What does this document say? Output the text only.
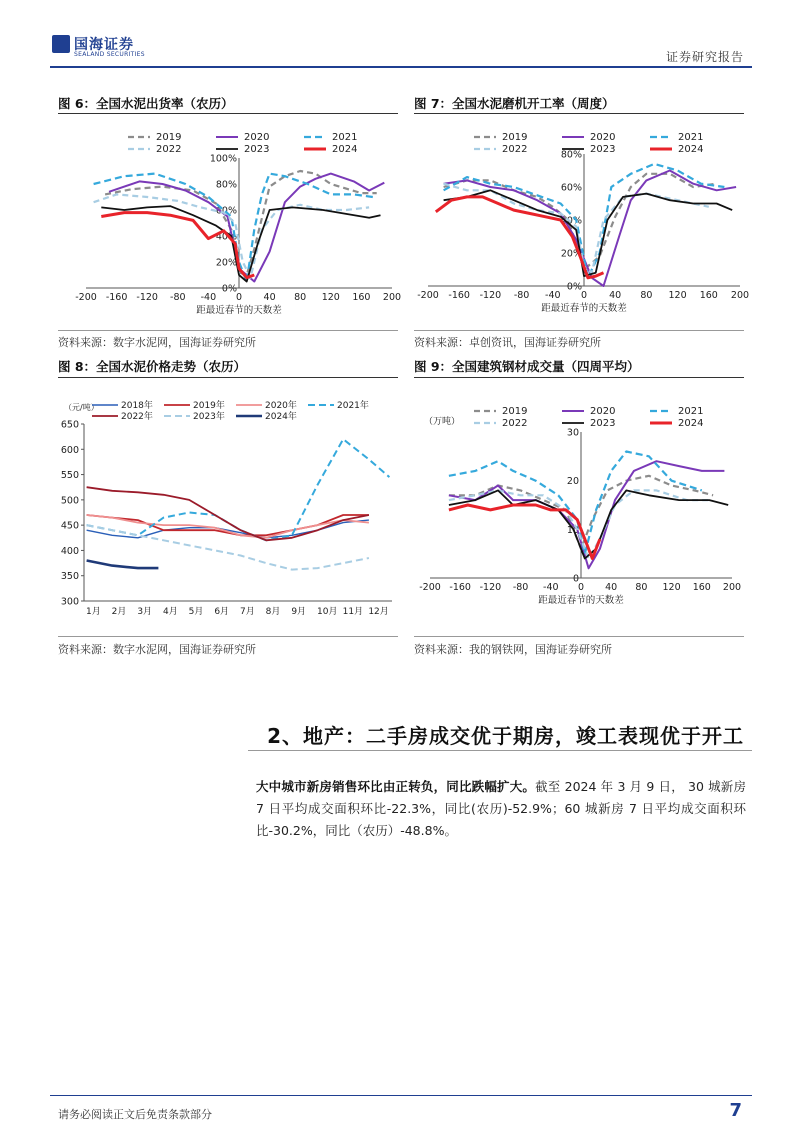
国海证券
SEALAND SECURITIES	证券研究报告
图 6：全国水泥出货率（农历）	图 7：全国水泥磨机开工率（周度）
资料来源：数字水泥网，国海证券研究所	资料来源：卓创资讯，国海证券研究所
图 8：全国水泥价格走势（农历）	图 9：全国建筑钢材成交量（四周平均）
资料来源：数字水泥网，国海证券研究所	资料来源：我的钢铁网，国海证券研究所
-200 -160 -120 -80 -40 0 40 80 120 160 200
0%
20%
40%
60%
80%
100%
距最近春节的天数差
2019	2020	2021
2022	2023	2024
-200 -160 -120 -80 -40 0 40 80 120 160 200
0%
20%
40%
60%
80%
距最近春节的天数差
2019	2020	2021
2022	2023	2024
300
350
400
450
500
550
600
650
1月 2月 3月 4月 5月 6月 7月 8月 9月 10月 11月 12月
（元/吨） 2018年	2019年	2020年	2021年
2022年	2023年	2024年
-200 -160 -120 -80 -40 0 40 80 120 160 200
0
10
20
30
（万吨）
距最近春节的天数差
2019	2020	2021
2022	2023	2024
2、地产：二手房成交优于期房，竣工表现优于开工
大中城市新房销售环比由正转负，同比跌幅扩大。截至 2024 年 3 月 9 日， 30 城新房 7 日平均成交面积环比-22.3%，同比(农历)-52.9%；60 城新房 7 日平均成交面积环比-30.2%，同比（农历）-48.8%。
请务必阅读正文后免责条款部分	7
